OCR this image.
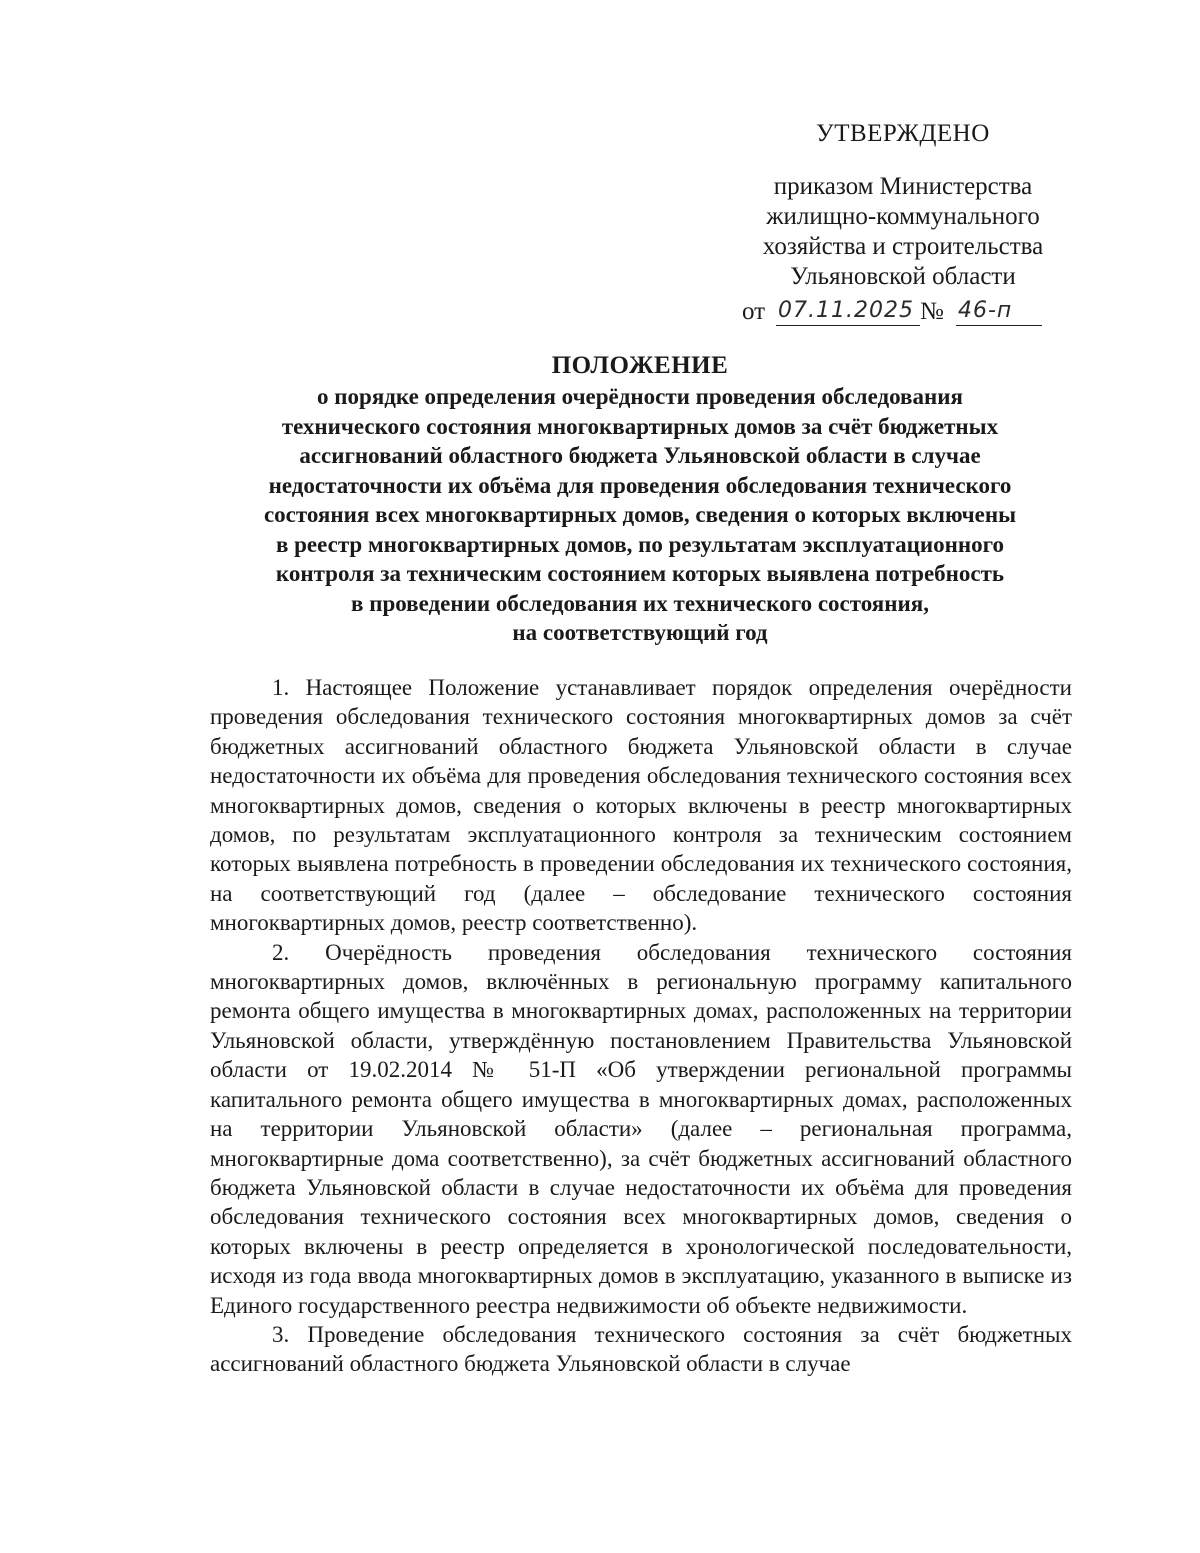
УТВЕРЖДЕНО
приказом Министерства
жилищно-коммунального
хозяйства и строительства
Ульяновской области
от 07.11.2025 № 46-п
ПОЛОЖЕНИЕ
о порядке определения очерёдности проведения обследования
технического состояния многоквартирных домов за счёт бюджетных
ассигнований областного бюджета Ульяновской области в случае
недостаточности их объёма для проведения обследования технического
состояния всех многоквартирных домов, сведения о которых включены
в реестр многоквартирных домов, по результатам эксплуатационного
контроля за техническим состоянием которых выявлена потребность
в проведении обследования их технического состояния,
на соответствующий год

1. Настоящее Положение устанавливает порядок определения очерёдности проведения обследования технического состояния многоквартирных домов за счёт бюджетных ассигнований областного бюджета Ульяновской области в случае недостаточности их объёма для проведения обследования технического состояния всех многоквартирных домов, сведения о которых включены в реестр многоквартирных домов, по результатам эксплуатационного контроля за техническим состоянием которых выявлена потребность в проведении обследования их технического состояния, на соответствующий год (далее – обследование технического состояния многоквартирных домов, реестр соответственно).

2. Очерёдность проведения обследования технического состояния многоквартирных домов, включённых в региональную программу капитального ремонта общего имущества в многоквартирных домах, расположенных на территории Ульяновской области, утверждённую постановлением Правительства Ульяновской области от 19.02.2014 № 51-П «Об утверждении региональной программы капитального ремонта общего имущества в многоквартирных домах, расположенных на территории Ульяновской области» (далее – региональная программа, многоквартирные дома соответственно), за счёт бюджетных ассигнований областного бюджета Ульяновской области в случае недостаточности их объёма для проведения обследования технического состояния всех многоквартирных домов, сведения о которых включены в реестр определяется в хронологической последовательности, исходя из года ввода многоквартирных домов в эксплуатацию, указанного в выписке из Единого государственного реестра недвижимости об объекте недвижимости.

3. Проведение обследования технического состояния за счёт бюджетных ассигнований областного бюджета Ульяновской области в случае
